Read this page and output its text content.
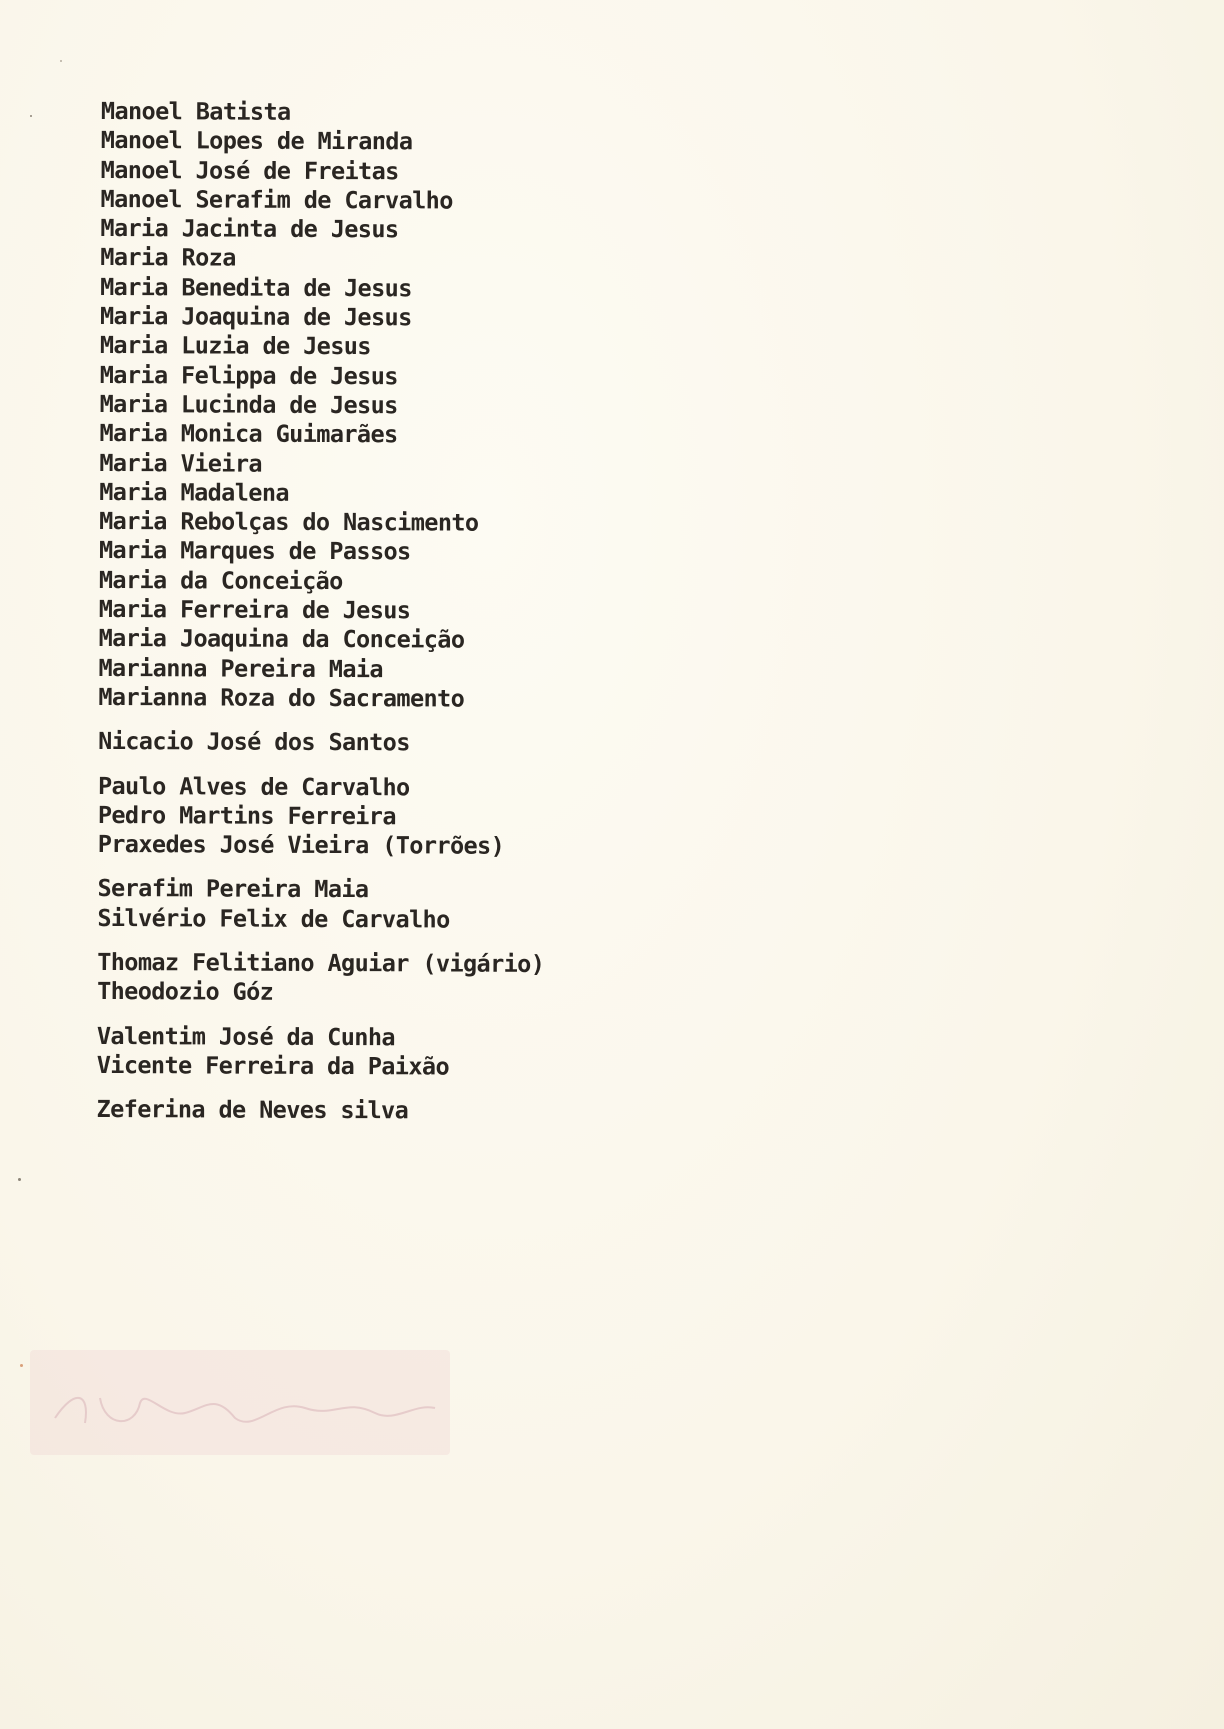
Manoel Batista
Manoel Lopes de Miranda
Manoel José de Freitas
Manoel Serafim de Carvalho
Maria Jacinta de Jesus
Maria Roza
Maria Benedita de Jesus
Maria Joaquina de Jesus
Maria Luzia de Jesus
Maria Felippa de Jesus
Maria Lucinda de Jesus
Maria Monica Guimarães
Maria Vieira
Maria Madalena
Maria Rebolças do Nascimento
Maria Marques de Passos
Maria da Conceição
Maria Ferreira de Jesus
Maria Joaquina da Conceição
Marianna Pereira Maia
Marianna Roza do Sacramento
Nicacio José dos Santos
Paulo Alves de Carvalho
Pedro Martins Ferreira
Praxedes José Vieira (Torrões)
Serafim Pereira Maia
Silvério Felix de Carvalho
Thomaz Felitiano Aguiar (vigário)
Theodozio Góz
Valentim José da Cunha
Vicente Ferreira da Paixão
Zeferina de Neves silva
